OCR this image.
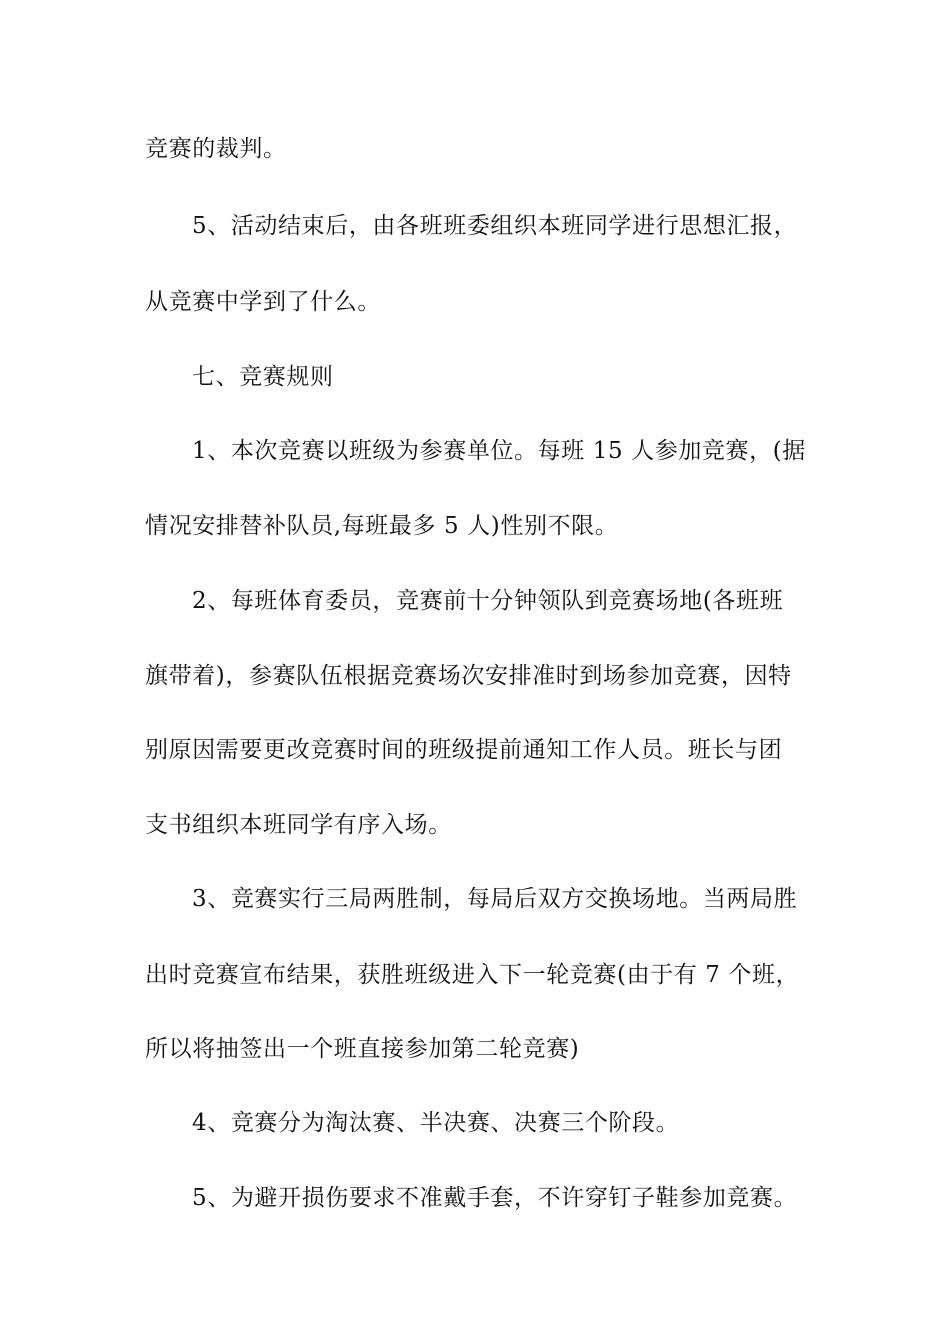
竞赛的裁判。
5、活动结束后，由各班班委组织本班同学进行思想汇报，
从竞赛中学到了什么。
七、竞赛规则
1、本次竞赛以班级为参赛单位。每班 15 人参加竞赛，(据
情况安排替补队员,每班最多 5 人)性别不限。
2、每班体育委员，竞赛前十分钟领队到竞赛场地(各班班
旗带着)，参赛队伍根据竞赛场次安排准时到场参加竞赛，因特
别原因需要更改竞赛时间的班级提前通知工作人员。班长与团
支书组织本班同学有序入场。
3、竞赛实行三局两胜制，每局后双方交换场地。当两局胜
出时竞赛宣布结果，获胜班级进入下一轮竞赛(由于有 7 个班，
所以将抽签出一个班直接参加第二轮竞赛)
4、竞赛分为淘汰赛、半决赛、决赛三个阶段。
5、为避开损伤要求不准戴手套，不许穿钉子鞋参加竞赛。
